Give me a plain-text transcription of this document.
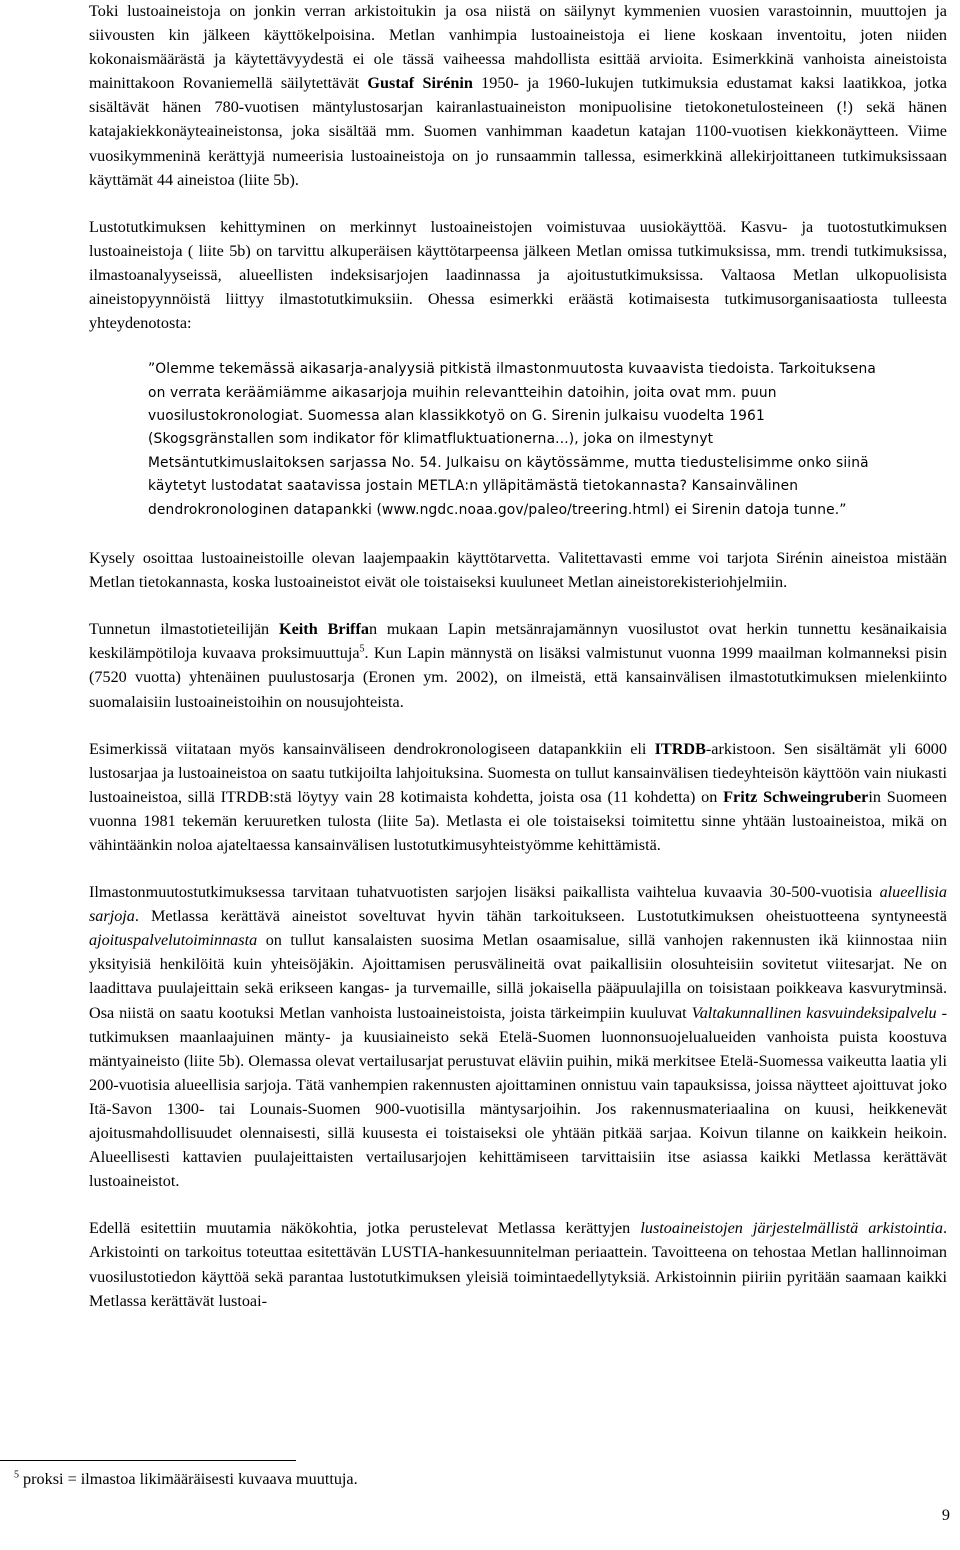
Toki lustoaineistoja on jonkin verran arkistoitukin ja osa niistä on säilynyt kymmenien vuosien varastoinnin, muuttojen ja siivousten kin jälkeen käyttökelpoisina. Metlan vanhimpia lustoaineistoja ei liene koskaan inventoitu, joten niiden kokonaismäärästä ja käytettävyydestä ei ole tässä vaiheessa mahdollista esittää arvioita. Esimerkkinä vanhoista aineistoista mainittakoon Rovaniemellä säilytettävät Gustaf Sirénin 1950- ja 1960-lukujen tutkimuksia edustamat kaksi laatikkoa, jotka sisältävät hänen 780-vuotisen mäntylustosarjan kairanlastuaineiston monipuolisine tietokonetulosteineen (!) sekä hänen katajakiekkonäyteaineistonsa, joka sisältää mm. Suomen vanhimman kaadetun katajan 1100-vuotisen kiekkonäytteen. Viime vuosikymmeninä kerättyjä numeerisia lustoaineistoja on jo runsaammin tallessa, esimerkkinä allekirjoittaneen tutkimuksissaan käyttämät 44 aineistoa (liite 5b).

Lustotutkimuksen kehittyminen on merkinnyt lustoaineistojen voimistuvaa uusiokäyttöä. Kasvu- ja tuotostutkimuksen lustoaineistoja ( liite 5b) on tarvittu alkuperäisen käyttötarpeensa jälkeen Metlan omissa tutkimuksissa, mm. trendi tutkimuksissa, ilmastoanalyyseissä, alueellisten indeksisarjojen laadinnassa ja ajoitustutkimuksissa. Valtaosa Metlan ulkopuolisista aineistopyynnöistä liittyy ilmastotutkimuksiin. Ohessa esimerkki eräästä kotimaisesta tutkimusorganisaatiosta tulleesta yhteydenotosta:

”Olemme tekemässä aikasarja-analyysiä pitkistä ilmastonmuutosta kuvaavista tiedoista. Tarkoituksena on verrata keräämiämme aikasarjoja muihin relevantteihin datoihin, joita ovat mm. puun vuosilustokronologiat. Suomessa alan klassikkotyö on G. Sirenin julkaisu vuodelta 1961 (Skogsgränstallen som indikator för klimatfluktuationerna...), joka on ilmestynyt Metsäntutkimuslaitoksen sarjassa No. 54. Julkaisu on käytössämme, mutta tiedustelisimme onko siinä käytetyt lustodatat saatavissa jostain METLA:n ylläpitämästä tietokannasta? Kansainvälinen dendrokronologinen datapankki (www.ngdc.noaa.gov/paleo/treering.html) ei Sirenin datoja tunne.”

Kysely osoittaa lustoaineistoille olevan laajempaakin käyttötarvetta. Valitettavasti emme voi tarjota Sirénin aineistoa mistään Metlan tietokannasta, koska lustoaineistot eivät ole toistaiseksi kuuluneet Metlan aineistorekisteriohjelmiin.

Tunnetun ilmastotieteilijän Keith Briffan mukaan Lapin metsänrajamännyn vuosilustot ovat herkin tunnettu kesänaikaisia keskilämpötiloja kuvaava proksimuuttuja$^5$. Kun Lapin männystä on lisäksi valmistunut vuonna 1999 maailman kolmanneksi pisin (7520 vuotta) yhtenäinen puulustosarja (Eronen ym. 2002), on ilmeistä, että kansainvälisen ilmastotutkimuksen mielenkiinto suomalaisiin lustoaineistoihin on nousujohteista.

Esimerkissä viitataan myös kansainväliseen dendrokronologiseen datapankkiin eli ITRDB-arkistoon. Sen sisältämät yli 6000 lustosarjaa ja lustoaineistoa on saatu tutkijoilta lahjoituksina. Suomesta on tullut kansainvälisen tiedeyhteisön käyttöön vain niukasti lustoaineistoa, sillä ITRDB:stä löytyy vain 28 kotimaista kohdetta, joista osa (11 kohdetta) on Fritz Schweingruberin Suomeen vuonna 1981 tekemän keruuretken tulosta (liite 5a). Metlasta ei ole toistaiseksi toimitettu sinne yhtään lustoaineistoa, mikä on vähintäänkin noloa ajateltaessa kansainvälisen lustotutkimusyhteistyömme kehittämistä.

Ilmastonmuutostutkimuksessa tarvitaan tuhatvuotisten sarjojen lisäksi paikallista vaihtelua kuvaavia 30-500-vuotisia alueellisia sarjoja. Metlassa kerättävä aineistot soveltuvat hyvin tähän tarkoitukseen. Lustotutkimuksen oheistuotteena syntyneestä ajoituspalvelutoiminnasta on tullut kansalaisten suosima Metlan osaamisalue, sillä vanhojen rakennusten ikä kiinnostaa niin yksityisiä henkilöitä kuin yhteisöjäkin. Ajoittamisen perusvälineitä ovat paikallisiin olosuhteisiin sovitetut viitesarjat. Ne on laadittava puulajeittain sekä erikseen kangas- ja turvemaille, sillä jokaisella pääpuulajilla on toisistaan poikkeava kasvurytminsä. Osa niistä on saatu kootuksi Metlan vanhoista lustoaineistoista, joista tärkeimpiin kuuluvat Valtakunnallinen kasvuindeksipalvelu -tutkimuksen maanlaajuinen mänty- ja kuusiaineisto sekä Etelä-Suomen luonnonsuojelualueiden vanhoista puista koostuva mäntyaineisto (liite 5b). Olemassa olevat vertailusarjat perustuvat eläviin puihin, mikä merkitsee Etelä-Suomessa vaikeutta laatia yli 200-vuotisia alueellisia sarjoja. Tätä vanhempien rakennusten ajoittaminen onnistuu vain tapauksissa, joissa näytteet ajoittuvat joko Itä-Savon 1300- tai Lounais-Suomen 900-vuotisilla mäntysarjoihin. Jos rakennusmateriaalina on kuusi, heikkenevät ajoitusmahdollisuudet olennaisesti, sillä kuusesta ei toistaiseksi ole yhtään pitkää sarjaa. Koivun tilanne on kaikkein heikoin. Alueellisesti kattavien puulajeittaisten vertailusarjojen kehittämiseen tarvittaisiin itse asiassa kaikki Metlassa kerättävät lustoaineistot.

Edellä esitettiin muutamia näkökohtia, jotka perustelevat Metlassa kerättyjen lustoaineistojen järjestelmällistä arkistointia. Arkistointi on tarkoitus toteuttaa esitettävän LUSTIA-hankesuunnitelman periaattein. Tavoitteena on tehostaa Metlan hallinnoiman vuosilustotiedon käyttöä sekä parantaa lustotutkimuksen yleisiä toimintaedellytyksiä. Arkistoinnin piiriin pyritään saamaan kaikki Metlassa kerättävät lustoai-

$^5$ proksi = ilmastoa likimääräisesti kuvaava muuttuja.
9
